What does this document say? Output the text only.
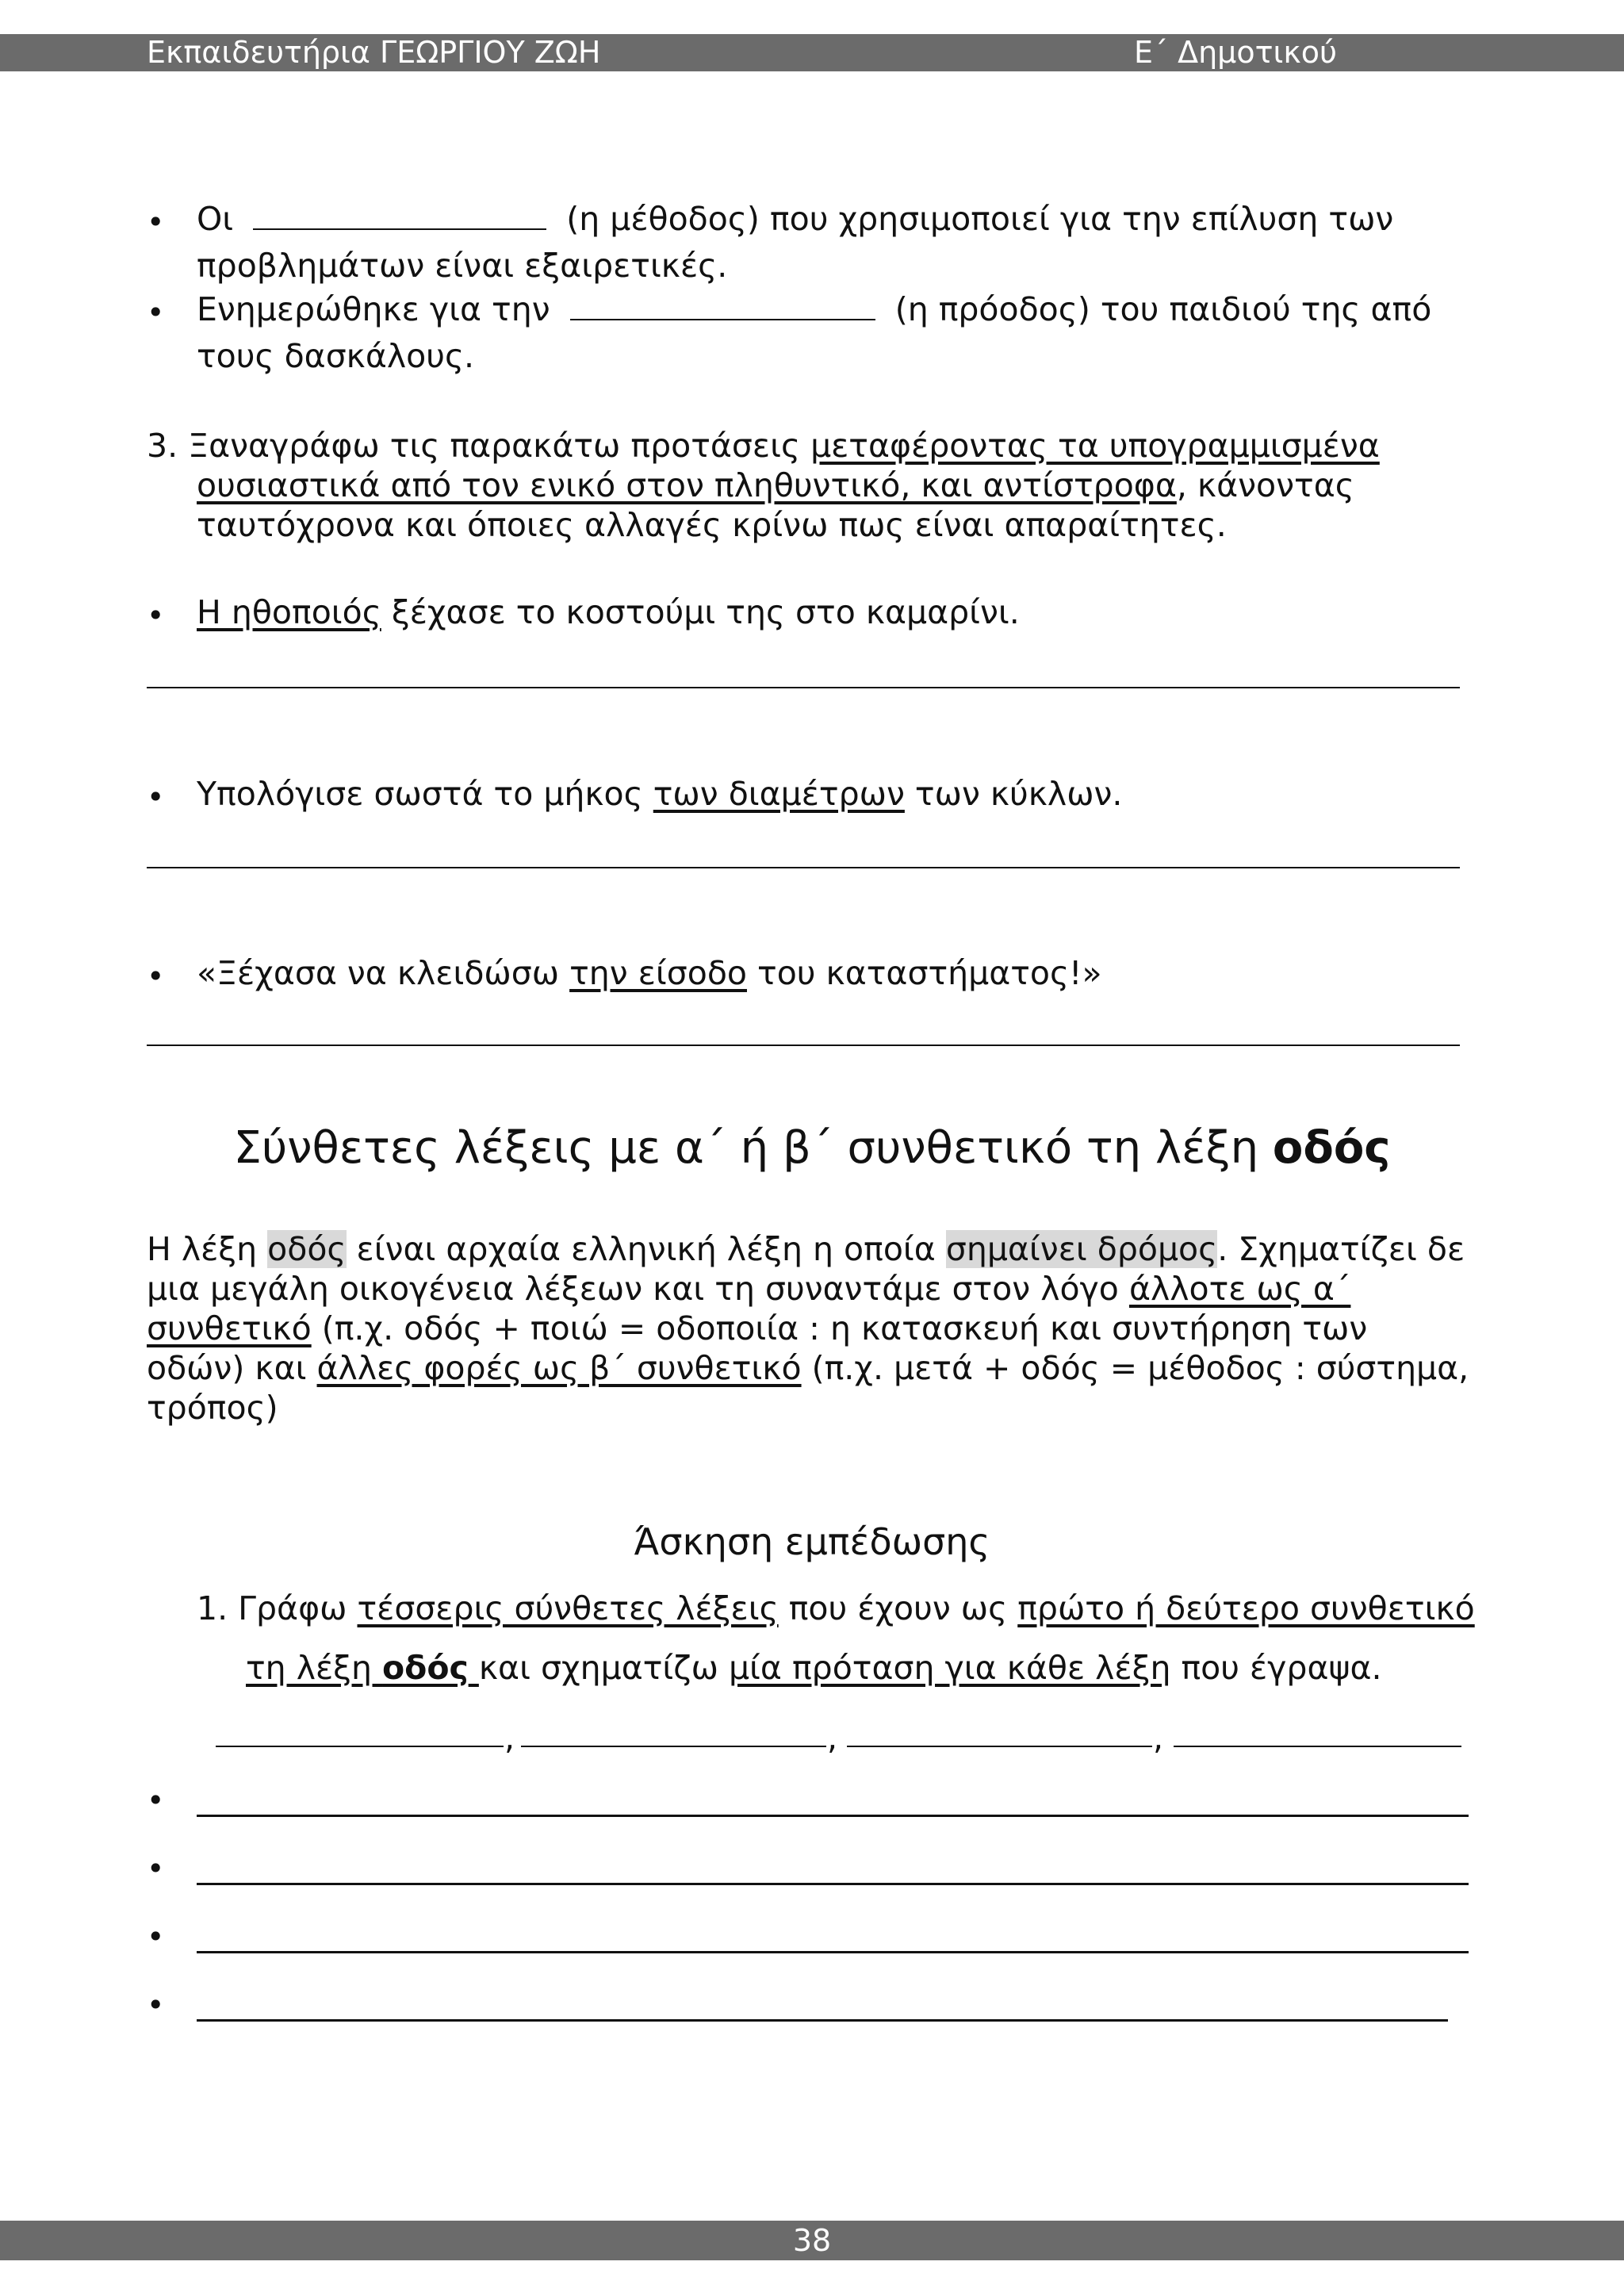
Εκπαιδευτήρια ΓΕΩΡΓΙΟΥ ΖΩΗ	Ε΄ Δημοτικού
• Οι	(η μέθοδος) που χρησιμοποιεί για την επίλυση των
προβλημάτων είναι εξαιρετικές.
• Ενημερώθηκε για την	(η πρόοδος) του παιδιού της από
τους δασκάλους.
3. Ξαναγράφω τις παρακάτω προτάσεις μεταφέροντας τα υπογραμμισμένα
ουσιαστικά από τον ενικό στον πληθυντικό, και αντίστροφα, κάνοντας
ταυτόχρονα και όποιες αλλαγές κρίνω πως είναι απαραίτητες.
• Η ηθοποιός ξέχασε το κοστούμι της στο καμαρίνι.
• Υπολόγισε σωστά το μήκος των διαμέτρων των κύκλων.
• «Ξέχασα να κλειδώσω την είσοδο του καταστήματος!»
Σύνθετες λέξεις με α΄ ή β΄ συνθετικό τη λέξη οδός
Η λέξη οδός είναι αρχαία ελληνική λέξη η οποία σημαίνει δρόμος. Σχηματίζει δε
μια μεγάλη οικογένεια λέξεων και τη συναντάμε στον λόγο άλλοτε ως α΄
συνθετικό (π.χ. οδός + ποιώ = οδοποιία : η κατασκευή και συντήρηση των
οδών) και άλλες φορές ως β΄ συνθετικό (π.χ. μετά + οδός = μέθοδος : σύστημα,
τρόπος)
Άσκηση εμπέδωσης
1. Γράφω τέσσερις σύνθετες λέξεις που έχουν ως πρώτο ή δεύτερο συνθετικό
τη λέξη οδός και σχηματίζω μία πρόταση για κάθε λέξη που έγραψα.
,	,	,
•
•
•
•
38
